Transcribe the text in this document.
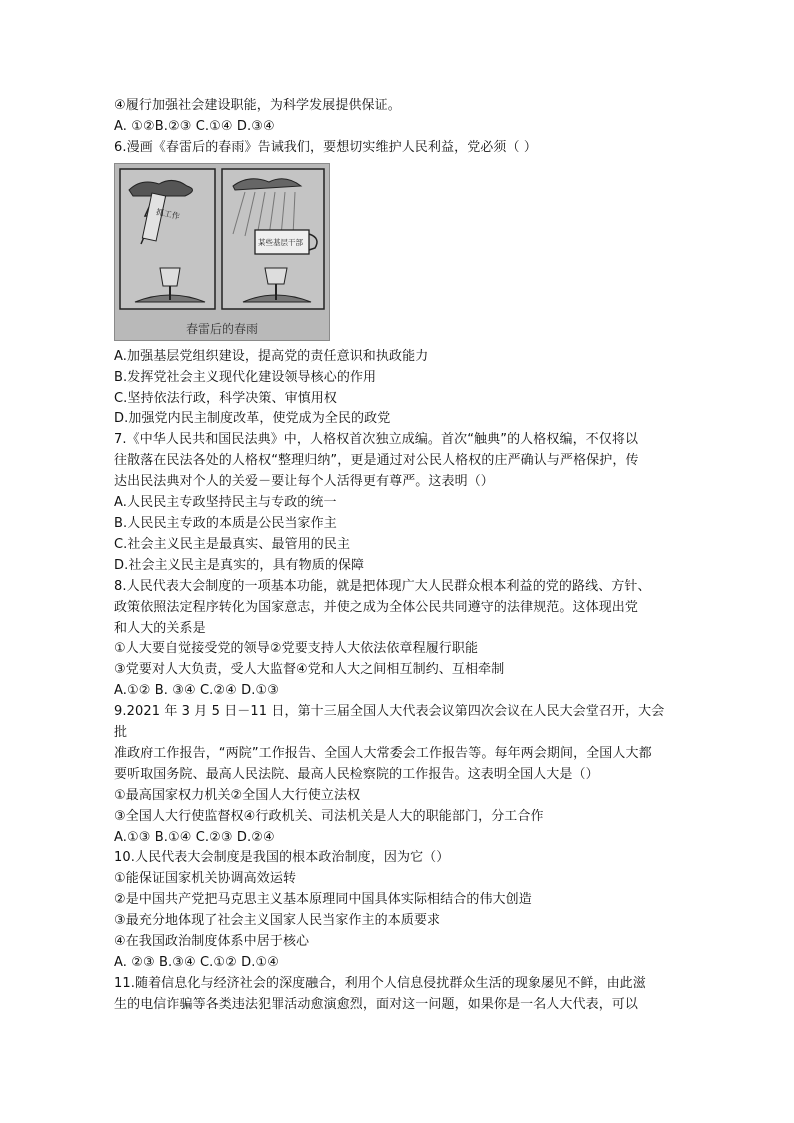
④履行加强社会建设职能，为科学发展提供保证。
A. ①②B.②③ C.①④ D.③④
6.漫画《春雷后的春雨》告诫我们，要想切实维护人民利益，党必须（ ）
抓工作
某些基层干部
春雷后的春雨
A.加强基层党组织建设，提高党的责任意识和执政能力
B.发挥党社会主义现代化建设领导核心的作用
C.坚持依法行政，科学决策、审慎用权
D.加强党内民主制度改革，使党成为全民的政党
7.《中华人民共和国民法典》中，人格权首次独立成编。首次“触典”的人格权编，不仅将以
往散落在民法各处的人格权“整理归纳”，更是通过对公民人格权的庄严确认与严格保护，传
达出民法典对个人的关爱－要让每个人活得更有尊严。这表明（）
A.人民民主专政坚持民主与专政的统一
B.人民民主专政的本质是公民当家作主
C.社会主义民主是最真实、最管用的民主
D.社会主义民主是真实的，具有物质的保障
8.人民代表大会制度的一项基本功能，就是把体现广大人民群众根本利益的党的路线、方针、
政策依照法定程序转化为国家意志，并使之成为全体公民共同遵守的法律规范。这体现出党
和人大的关系是
①人大要自觉接受党的领导②党要支持人大依法依章程履行职能
③党要对人大负责，受人大监督④党和人大之间相互制约、互相牵制
A.①② B. ③④ C.②④ D.①③
9.2021 年 3 月 5 日－11 日，第十三届全国人大代表会议第四次会议在人民大会堂召开，大会
批
准政府工作报告，“两院”工作报告、全国人大常委会工作报告等。每年两会期间，全国人大都
要听取国务院、最高人民法院、最高人民检察院的工作报告。这表明全国人大是（）
①最高国家权力机关②全国人大行使立法权
③全国人大行使监督权④行政机关、司法机关是人大的职能部门，分工合作
A.①③ B.①④ C.②③ D.②④
10.人民代表大会制度是我国的根本政治制度，因为它（）
①能保证国家机关协调高效运转
②是中国共产党把马克思主义基本原理同中国具体实际相结合的伟大创造
③最充分地体现了社会主义国家人民当家作主的本质要求
④在我国政治制度体系中居于核心
A. ②③ B.③④ C.①② D.①④
11.随着信息化与经济社会的深度融合，利用个人信息侵扰群众生活的现象屡见不鲜，由此滋
生的电信诈骗等各类违法犯罪活动愈演愈烈，面对这一问题，如果你是一名人大代表，可以
